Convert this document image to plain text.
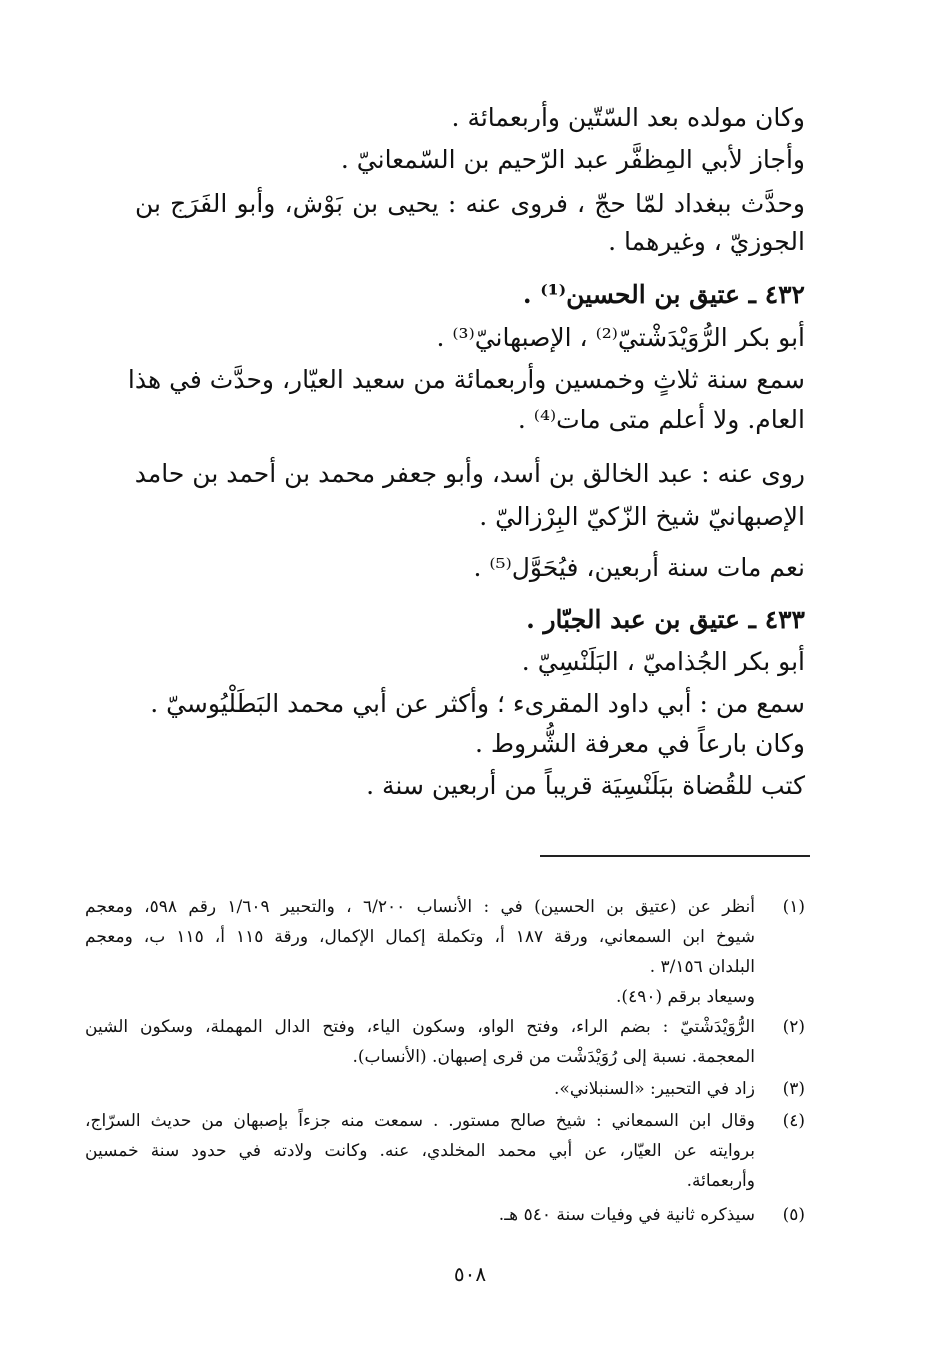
وكان مولده بعد السّتّين وأربعمائة .
وأجاز لأبي المِظفَّر عبد الرّحيم بن السّمعانيّ .
وحدَّث ببغداد لمّا حجّ ، فروى عنه : يحيى بن بَوْش، وأبو الفَرَج بن
الجوزيّ ، وغيرهما .
٤٣٢ ـ عتيق بن الحسين⁽¹⁾ .
أبو بكر الرُّوَيْدَشْتيّ⁽²⁾ ، الإصبهانيّ⁽³⁾ .
سمع سنة ثلاثٍ وخمسين وأربعمائة من سعيد العيّار، وحدَّث في هذا
العام. ولا أعلم متى مات⁽⁴⁾ .
روى عنه : عبد الخالق بن أسد، وأبو جعفر محمد بن أحمد بن حامد
الإصبهانيّ شيخ الزّكيّ البِرْزاليّ .
نعم مات سنة أربعين، فيُحَوَّل⁽⁵⁾ .
٤٣٣ ـ عتيق بن عبد الجبّار .
أبو بكر الجُذاميّ ، البَلَنْسِيّ .
سمع من : أبي داود المقرىء ؛ وأكثر عن أبي محمد البَطَلْيُوسيّ .
وكان بارعاً في معرفة الشُّروط .
كتب للقُضاة ببَلَنْسِيَة قريباً من أربعين سنة .
(١)
أنظر عن (عتيق بن الحسين) في : الأنساب ٦/٢٠٠ ، والتحبير ١/٦٠٩ رقم ٥٩٨، ومعجم
شيوخ ابن السمعاني، ورقة ١٨٧ أ، وتكملة إكمال الإكمال، ورقة ١١٥ أ، ١١٥ ب، ومعجم
البلدان ٣/١٥٦ .
وسيعاد برقم (٤٩٠).
(٢)
الرُّوَيْدَشْتيّ : بضم الراء، وفتح الواو، وسكون الياء، وفتح الدال المهملة، وسكون الشين
المعجمة. نسبة إلى رُوَيْدَشْت من قرى إصبهان. (الأنساب).
(٣)
زاد في التحبير: «السنبلاني».
(٤)
وقال ابن السمعاني : شيخ صالح مستور. . سمعت منه جزءاً بإصبهان من حديث السرّاج،
بروايته عن العيّار، عن أبي محمد المخلدي، عنه. وكانت ولادته في حدود سنة خمسين
وأربعمائة.
(٥)
سيذكره ثانية في وفيات سنة ٥٤٠ هـ.
٥٠٨
